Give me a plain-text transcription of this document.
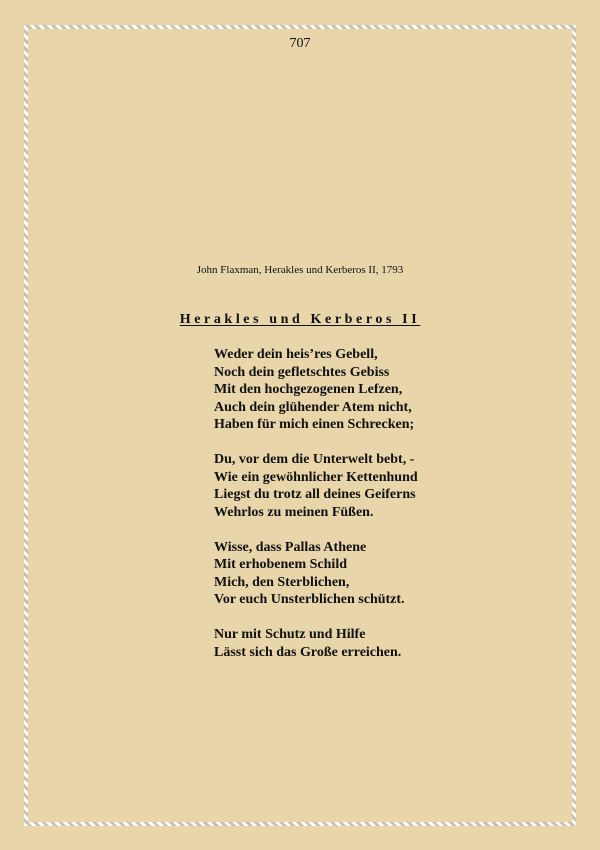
707
John Flaxman, Herakles und Kerberos II, 1793
Herakles und Kerberos II
Weder dein heis’res Gebell,
Noch dein gefletschtes Gebiss
Mit den hochgezogenen Lefzen,
Auch dein glühender Atem nicht,
Haben für mich einen Schrecken;
Du, vor dem die Unterwelt bebt, -
Wie ein gewöhnlicher Kettenhund
Liegst du trotz all deines Geiferns
Wehrlos zu meinen Füßen.
Wisse, dass Pallas Athene
Mit erhobenem Schild
Mich, den Sterblichen,
Vor euch Unsterblichen schützt.
Nur mit Schutz und Hilfe
Lässt sich das Große erreichen.
